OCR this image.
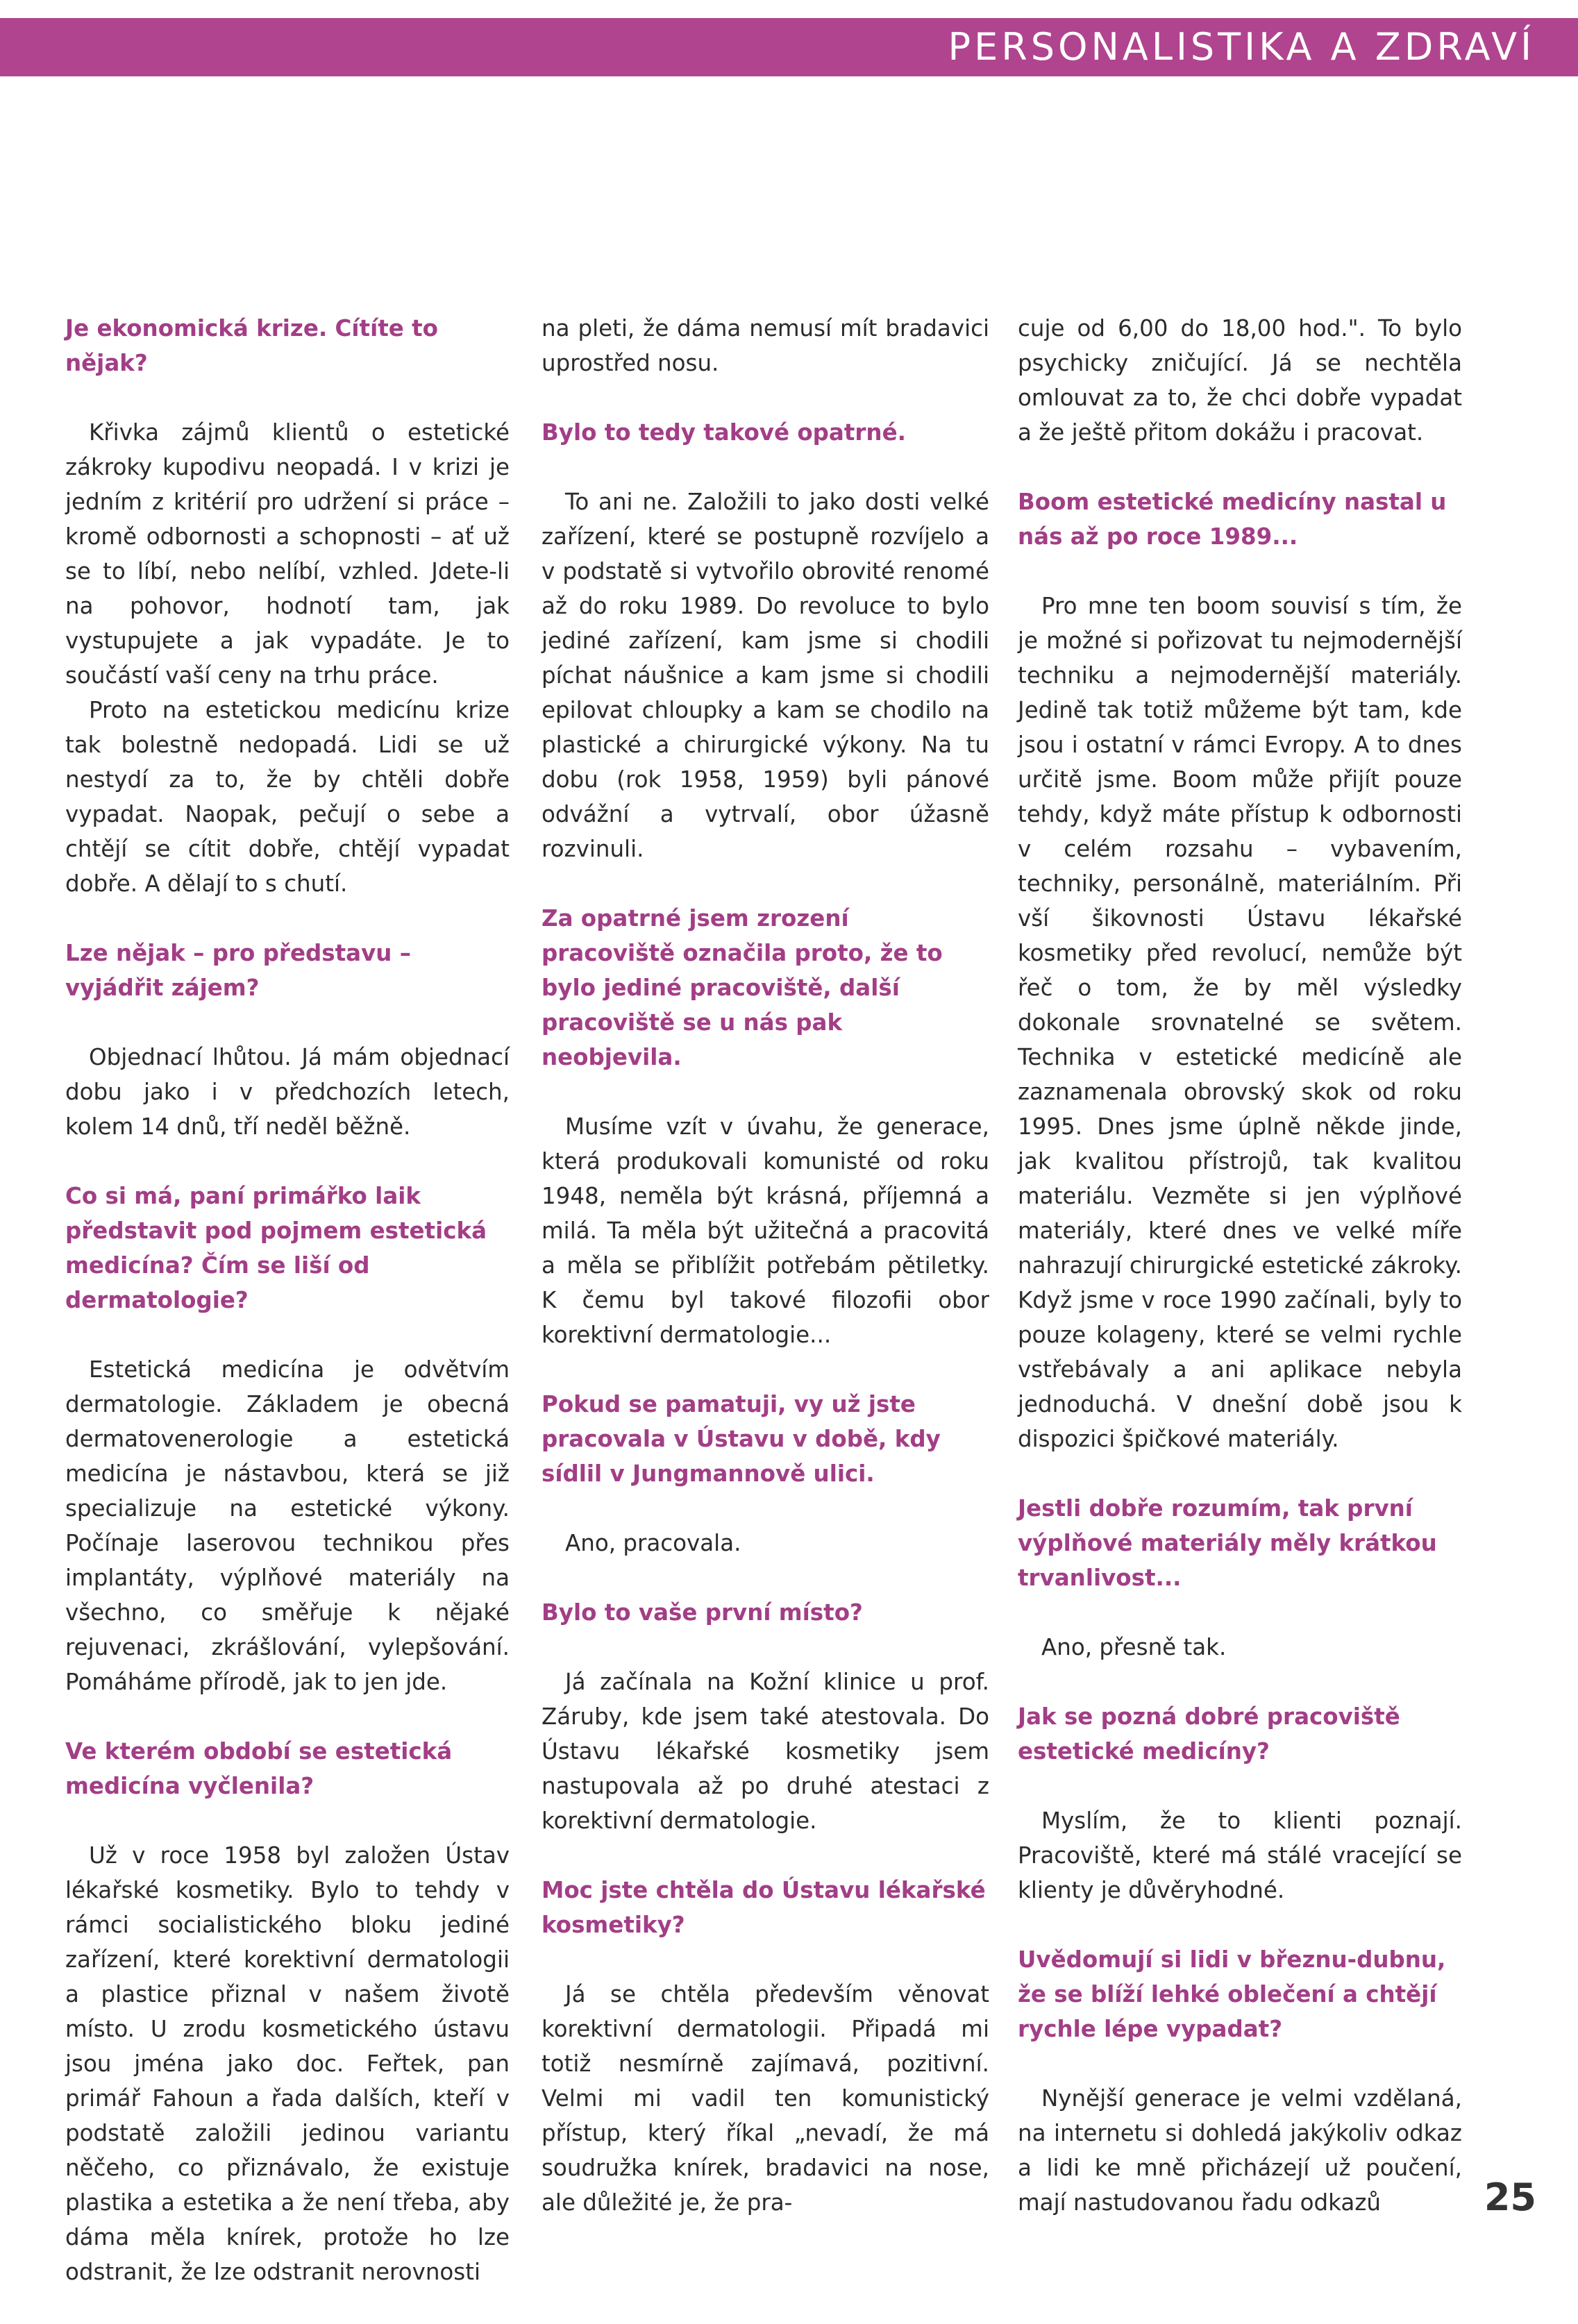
PERSONALISTIKA A ZDRAVÍ
Je ekonomická krize. Cítíte to nějak?

Křivka zájmů klientů o estetické zákroky kupodivu neopadá. I v krizi je jedním z kritérií pro udržení si práce – kromě odbornosti a schopnosti – ať už se to líbí, nebo nelíbí, vzhled. Jdete-li na pohovor, hodnotí tam, jak vystupujete a jak vypadáte. Je to součástí vaší ceny na trhu práce.

Proto na estetickou medicínu krize tak bolestně nedopadá. Lidi se už nestydí za to, že by chtěli dobře vypadat. Naopak, pečují o sebe a chtějí se cítit dobře, chtějí vypadat dobře. A dělají to s chutí.

Lze nějak – pro představu – vyjádřit zájem?

Objednací lhůtou. Já mám objednací dobu jako i v předchozích letech, kolem 14 dnů, tří neděl běžně.

Co si má, paní primářko laik představit pod pojmem estetická medicína? Čím se liší od dermatologie?

Estetická medicína je odvětvím dermatologie. Základem je obecná dermatovenerologie a estetická medicína je nástavbou, která se již specializuje na estetické výkony. Počínaje laserovou technikou přes implantáty, výplňové materiály na všechno, co směřuje k nějaké rejuvenaci, zkrášlování, vylepšování. Pomáháme přírodě, jak to jen jde.

Ve kterém období se estetická medicína vyčlenila?

Už v roce 1958 byl založen Ústav lékařské kosmetiky. Bylo to tehdy v rámci socialistického bloku jediné zařízení, které korektivní dermatologii a plastice přiznal v našem životě místo. U zrodu kosmetického ústavu jsou jména jako doc. Feřtek, pan primář Fahoun a řada dalších, kteří v podstatě založili jedinou variantu něčeho, co přiznávalo, že existuje plastika a estetika a že není třeba, aby dáma měla knírek, protože ho lze odstranit, že lze odstranit nerovnosti

na pleti, že dáma nemusí mít bradavici uprostřed nosu.

Bylo to tedy takové opatrné.

To ani ne. Založili to jako dosti velké zařízení, které se postupně rozvíjelo a v podstatě si vytvořilo obrovité renomé až do roku 1989. Do revoluce to bylo jediné zařízení, kam jsme si chodili píchat náušnice a kam jsme si chodili epilovat chloupky a kam se chodilo na plastické a chirurgické výkony. Na tu dobu (rok 1958, 1959) byli pánové odvážní a vytrvalí, obor úžasně rozvinuli.

Za opatrné jsem zrození pracoviště označila proto, že to bylo jediné pracoviště, další pracoviště se u nás pak neobjevila.

Musíme vzít v úvahu, že generace, která produkovali komunisté od roku 1948, neměla být krásná, příjemná a milá. Ta měla být užitečná a pracovitá a měla se přiblížit potřebám pětiletky. K čemu byl takové filozofii obor korektivní dermatologie...

Pokud se pamatuji, vy už jste pracovala v Ústavu v době, kdy sídlil v Jungmannově ulici.

Ano, pracovala.

Bylo to vaše první místo?

Já začínala na Kožní klinice u prof. Záruby, kde jsem také atestovala. Do Ústavu lékařské kosmetiky jsem nastupovala až po druhé atestaci z korektivní dermatologie.

Moc jste chtěla do Ústavu lékařské kosmetiky?

Já se chtěla především věnovat korektivní dermatologii. Připadá mi totiž nesmírně zajímavá, pozitivní. Velmi mi vadil ten komunistický přístup, který říkal „nevadí, že má soudružka knírek, bradavici na nose, ale důležité je, že pra-

cuje od 6,00 do 18,00 hod.". To bylo psychicky zničující. Já se nechtěla omlouvat za to, že chci dobře vypadat a že ještě přitom dokážu i pracovat.

Boom estetické medicíny nastal u nás až po roce 1989...

Pro mne ten boom souvisí s tím, že je možné si pořizovat tu nejmodernější techniku a nejmodernější materiály. Jedině tak totiž můžeme být tam, kde jsou i ostatní v rámci Evropy. A to dnes určitě jsme. Boom může přijít pouze tehdy, když máte přístup k odbornosti v celém rozsahu – vybavením, techniky, personálně, materiálním. Při vší šikovnosti Ústavu lékařské kosmetiky před revolucí, nemůže být řeč o tom, že by měl výsledky dokonale srovnatelné se světem. Technika v estetické medicíně ale zaznamenala obrovský skok od roku 1995. Dnes jsme úplně někde jinde, jak kvalitou přístrojů, tak kvalitou materiálu. Vezměte si jen výplňové materiály, které dnes ve velké míře nahrazují chirurgické estetické zákroky. Když jsme v roce 1990 začínali, byly to pouze kolageny, které se velmi rychle vstřebávaly a ani aplikace nebyla jednoduchá. V dnešní době jsou k dispozici špičkové materiály.

Jestli dobře rozumím, tak první výplňové materiály měly krátkou trvanlivost...

Ano, přesně tak.

Jak se pozná dobré pracoviště estetické medicíny?

Myslím, že to klienti poznají. Pracoviště, které má stálé vracející se klienty je důvěryhodné.

Uvědomují si lidi v březnu-dubnu, že se blíží lehké oblečení a chtějí rychle lépe vypadat?

Nynější generace je velmi vzdělaná, na internetu si dohledá jakýkoliv odkaz a lidi ke mně přicházejí už poučení, mají nastudovanou řadu odkazů	25
